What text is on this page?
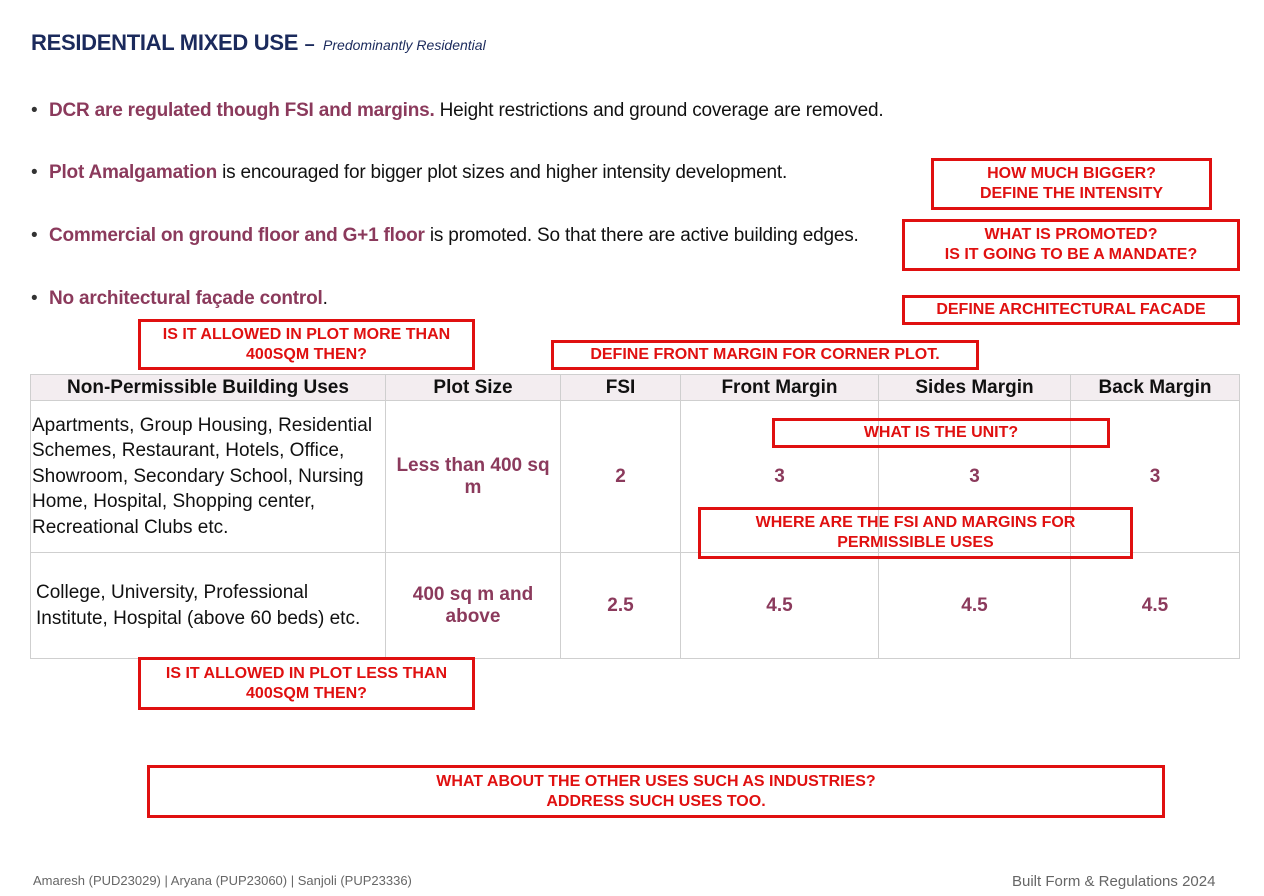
RESIDENTIAL MIXED USE – Predominantly Residential
• DCR are regulated though FSI and margins. Height restrictions and ground coverage are removed.
• Plot Amalgamation is encouraged for bigger plot sizes and higher intensity development.
• Commercial on ground floor and G+1 floor is promoted. So that there are active building edges.
• No architectural façade control.
Non-Permissible Building Uses	Plot Size	FSI	Front Margin	Sides Margin	Back Margin
Apartments, Group Housing, Residential Schemes, Restaurant, Hotels, Office, Showroom, Secondary School, Nursing Home, Hospital, Shopping center, Recreational Clubs etc.	Less than 400 sq m	2	3	3	3
College, University, Professional Institute, Hospital (above 60 beds) etc.	400 sq m and above	2.5	4.5	4.5	4.5
HOW MUCH BIGGER?
DEFINE THE INTENSITY
WHAT IS PROMOTED?
IS IT GOING TO BE A MANDATE?
DEFINE ARCHITECTURAL FACADE
IS IT ALLOWED IN PLOT MORE THAN
400SQM THEN?	DEFINE FRONT MARGIN FOR CORNER PLOT.
WHAT IS THE UNIT?
WHERE ARE THE FSI AND MARGINS FOR
PERMISSIBLE USES
IS IT ALLOWED IN PLOT LESS THAN
400SQM THEN?
WHAT ABOUT THE OTHER USES SUCH AS INDUSTRIES?
ADDRESS SUCH USES TOO.
Amaresh (PUD23029) | Aryana (PUP23060) | Sanjoli (PUP23336)	Built Form & Regulations 2024
